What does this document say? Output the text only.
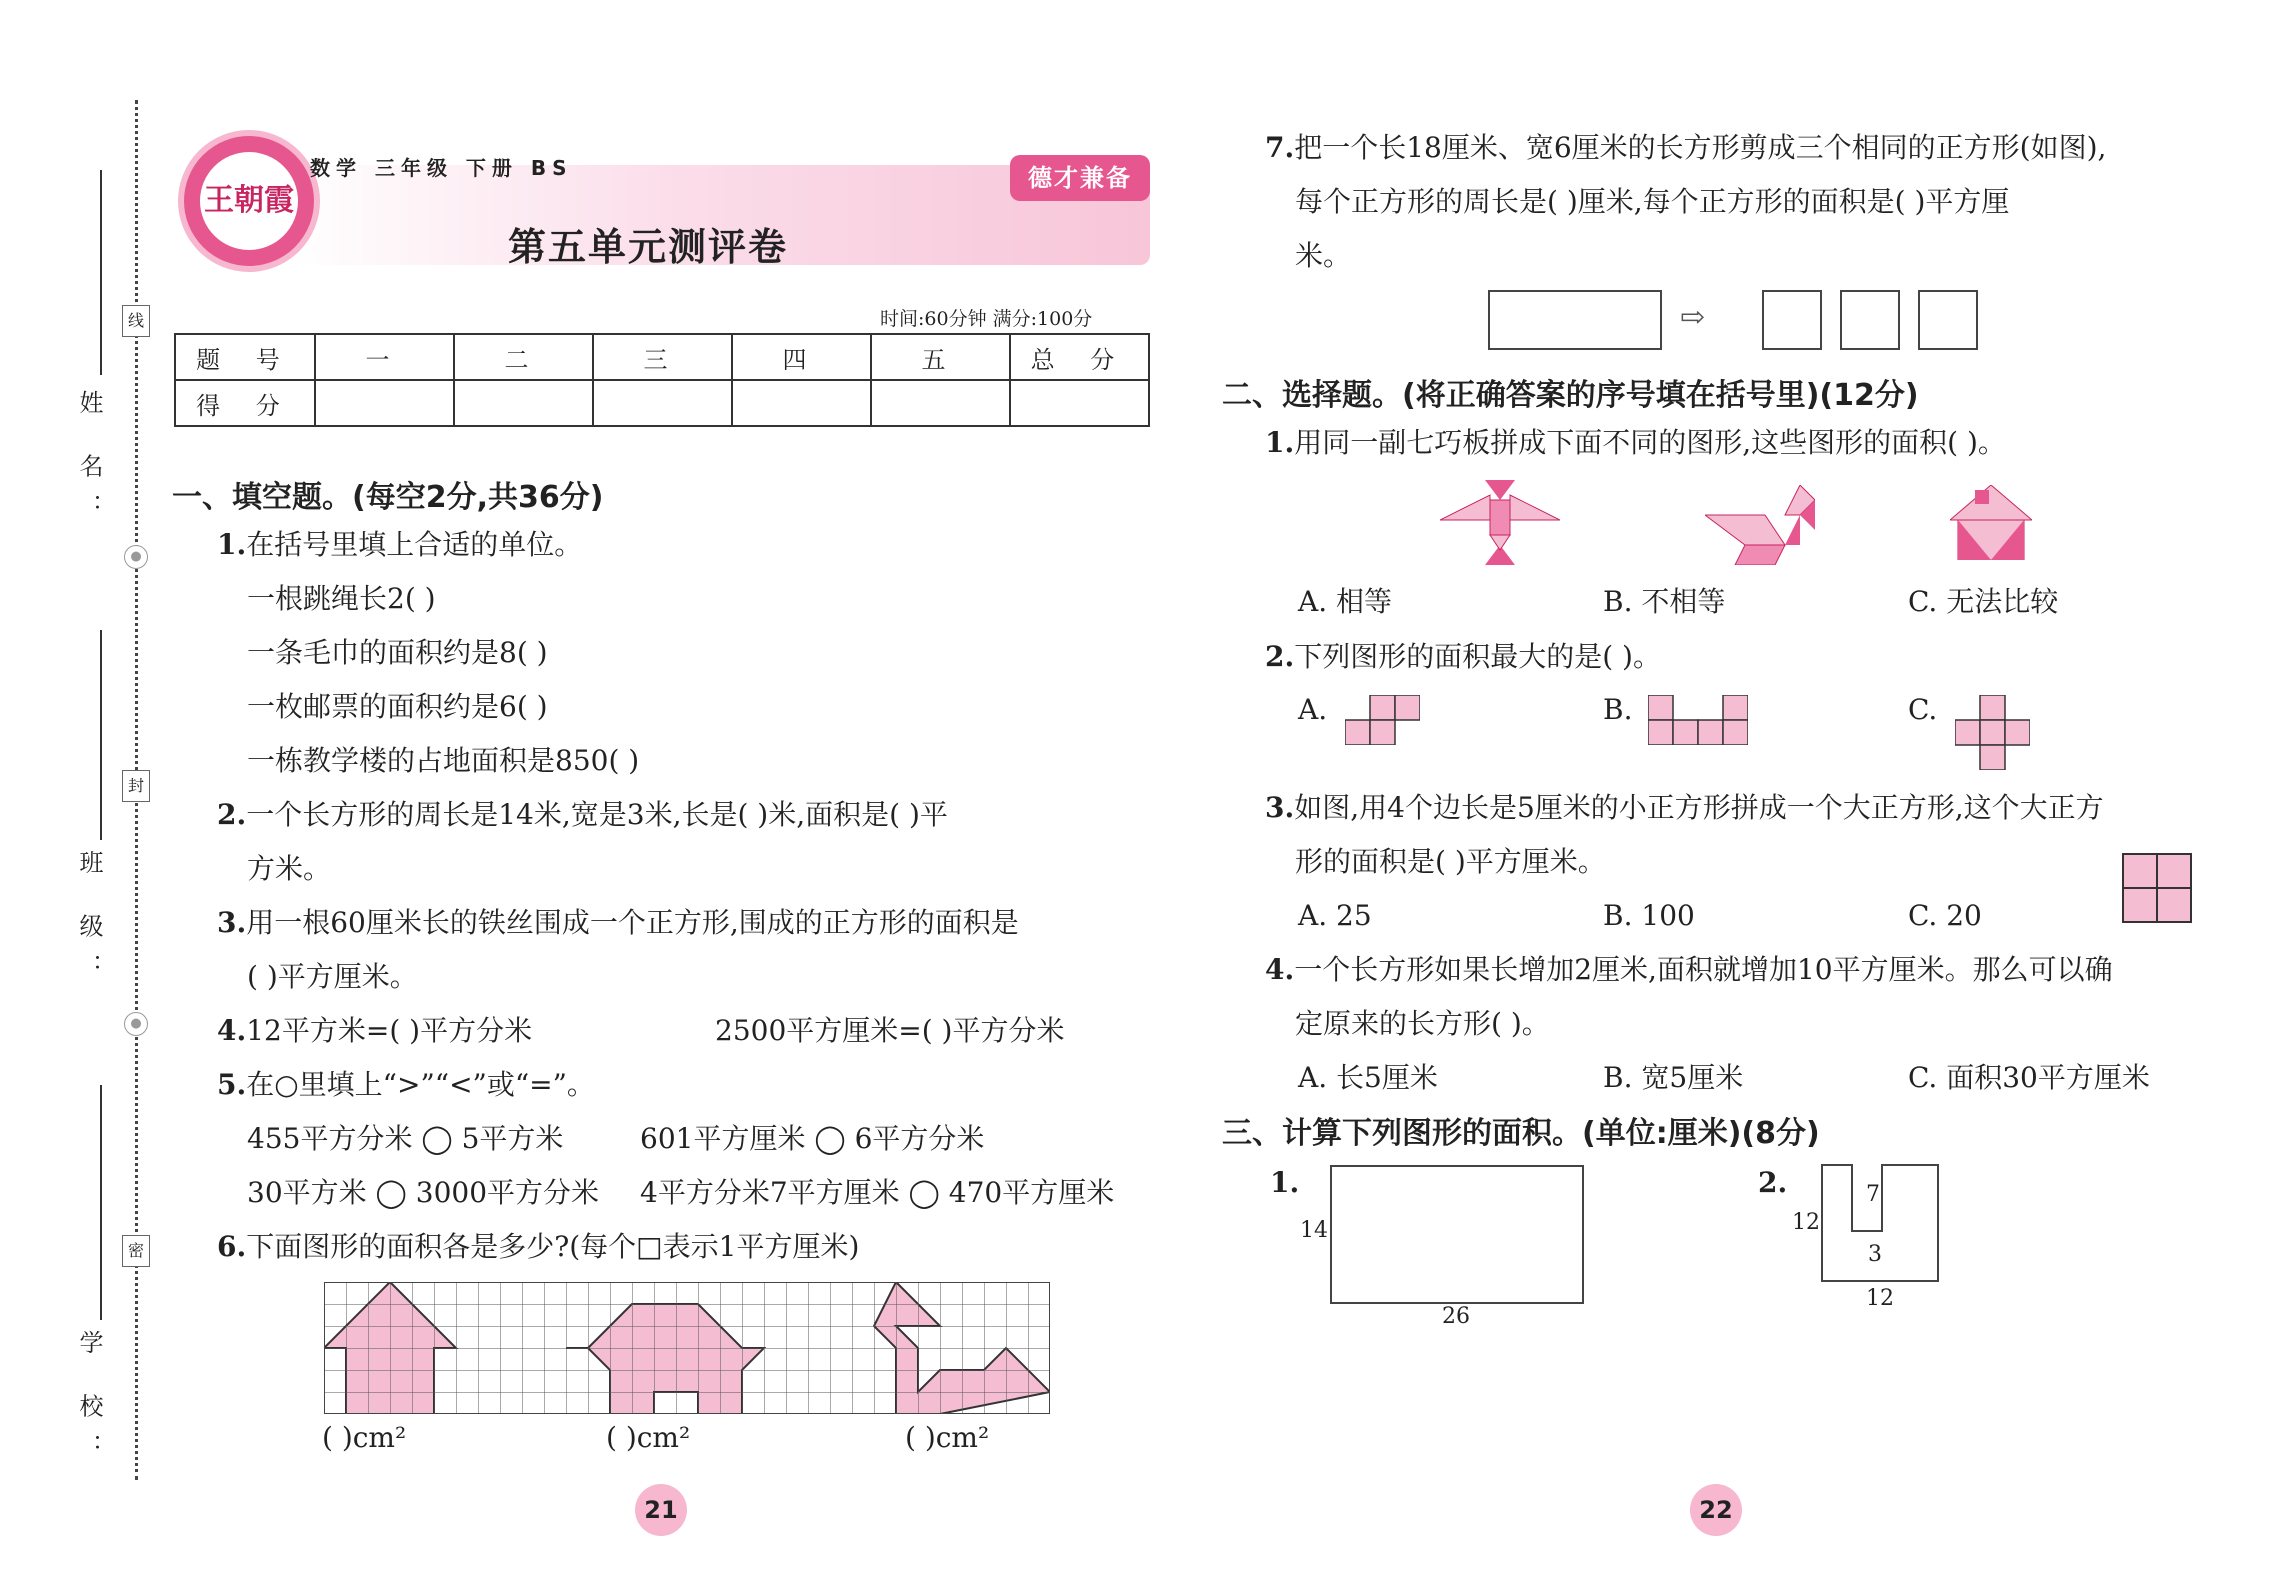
姓 名：
班 级：
学 校：
线
封
密
●
●
王朝霞
数学 三年级 下册 BS	德才兼备
第五单元测评卷
时间:60分钟 满分:100分
题 号	一	二	三	四	五	总 分
得 分						
一、填空题。(每空2分,共36分)
1.在括号里填上合适的单位。
一根跳绳长2( )
一条毛巾的面积约是8( )
一枚邮票的面积约是6( )
一栋教学楼的占地面积是850( )
2.一个长方形的周长是14米,宽是3米,长是( )米,面积是( )平
方米。
3.用一根60厘米长的铁丝围成一个正方形,围成的正方形的面积是
( )平方厘米。
4.12平方米=( )平方分米	2500平方厘米=( )平方分米
5.在○里填上“>”“<”或“=”。
455平方分米 ◯ 5平方米	601平方厘米 ◯ 6平方分米
30平方米 ◯ 3000平方分米 4平方分米7平方厘米 ◯ 470平方厘米
6.下面图形的面积各是多少?(每个□表示1平方厘米)
( )cm²	( )cm²	( )cm²
21
7.把一个长18厘米、宽6厘米的长方形剪成三个相同的正方形(如图),
每个正方形的周长是( )厘米,每个正方形的面积是( )平方厘
米。
⇨
二、选择题。(将正确答案的序号填在括号里)(12分)
1.用同一副七巧板拼成下面不同的图形,这些图形的面积( )。
A. 相等	B. 不相等	C. 无法比较
2.下列图形的面积最大的是( )。
A.	B.	C.
3.如图,用4个边长是5厘米的小正方形拼成一个大正方形,这个大正方
形的面积是( )平方厘米。
A. 25	B. 100	C. 20
4.一个长方形如果长增加2厘米,面积就增加10平方厘米。那么可以确
定原来的长方形( )。
A. 长5厘米	B. 宽5厘米	C. 面积30平方厘米
三、计算下列图形的面积。(单位:厘米)(8分)
1.
14
26
2.
12
7
3
12
22
